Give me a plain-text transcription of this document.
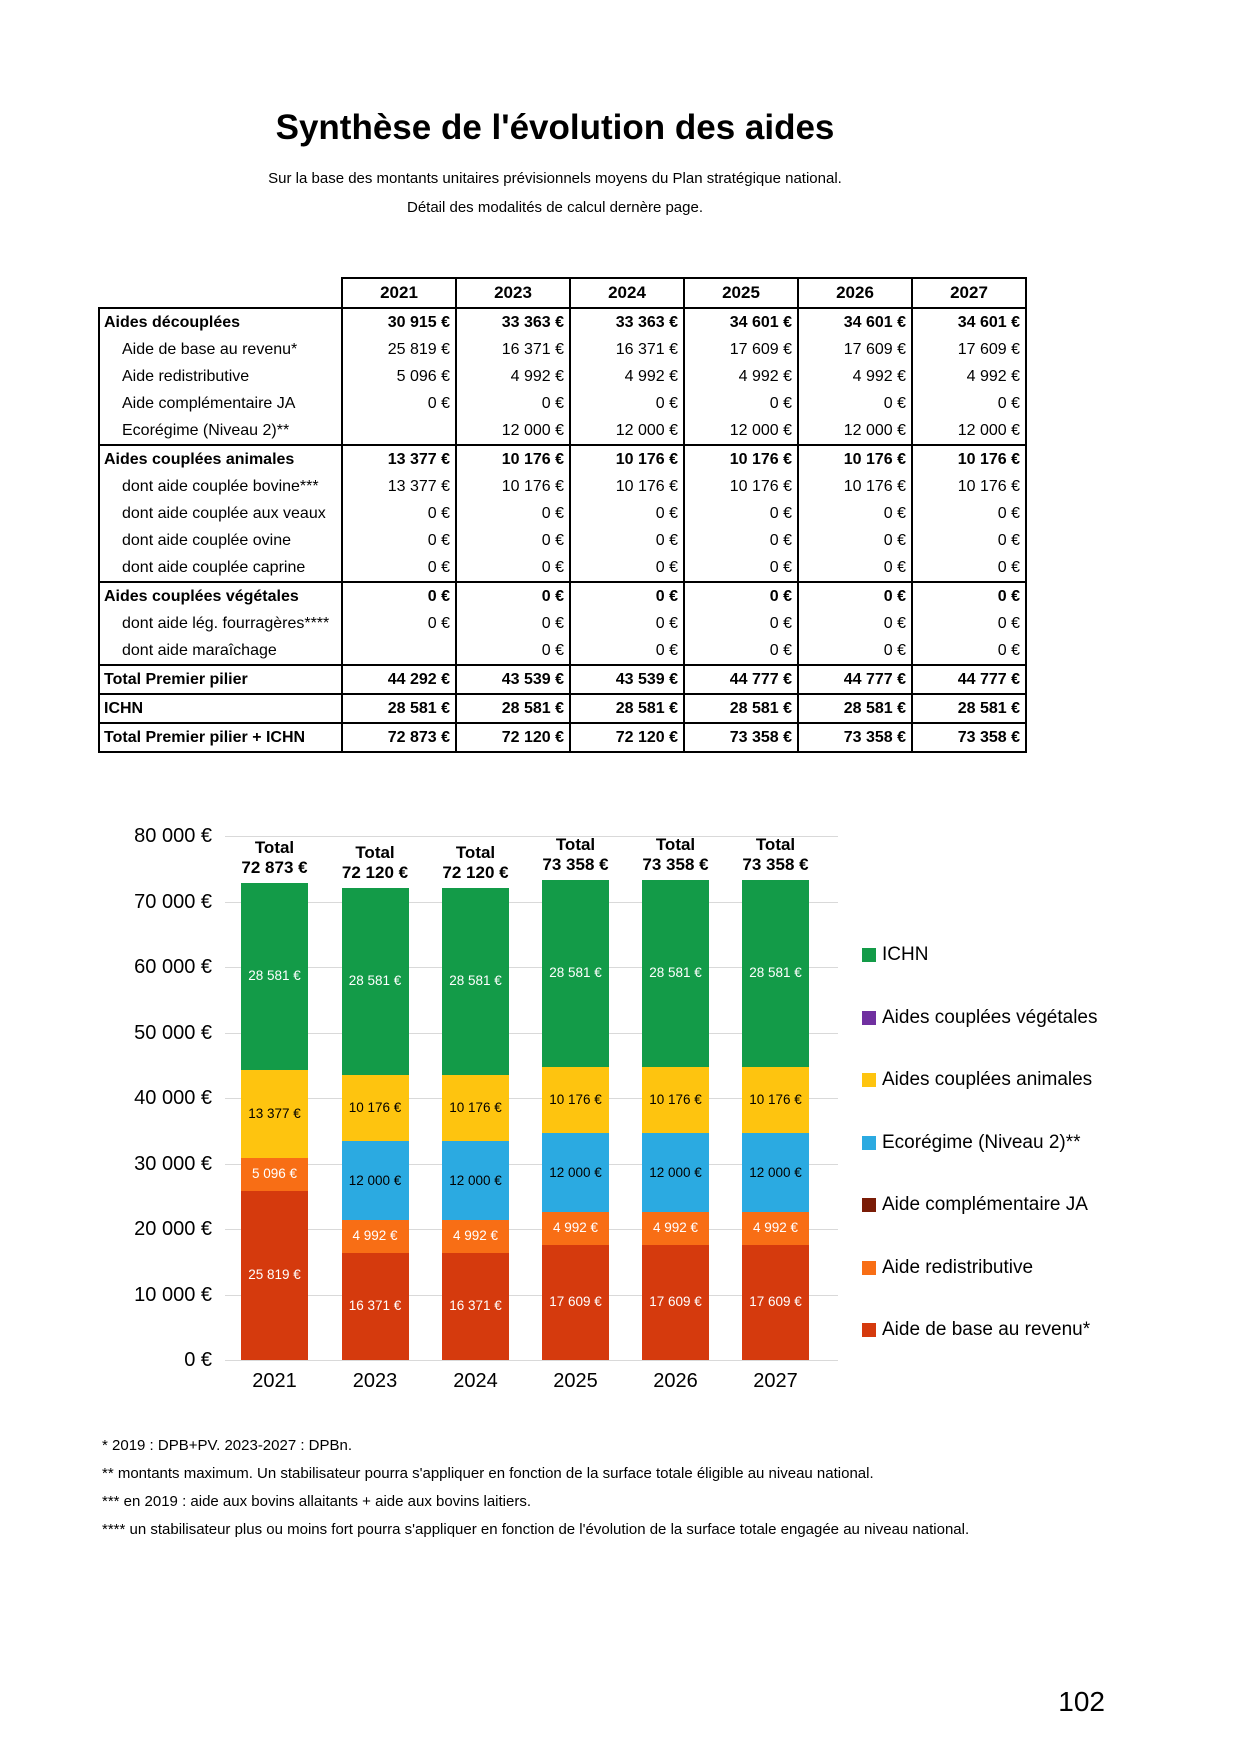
Synthèse de l'évolution des aides
Sur la base des montants unitaires prévisionnels moyens du Plan stratégique national.
Détail des modalités de calcul dernère page.
	2021	2023	2024	2025	2026	2027
Aides découplées	30 915 €	33 363 €	33 363 €	34 601 €	34 601 €	34 601 €
Aide de base au revenu*	25 819 €	16 371 €	16 371 €	17 609 €	17 609 €	17 609 €
Aide redistributive	5 096 €	4 992 €	4 992 €	4 992 €	4 992 €	4 992 €
Aide complémentaire JA	0 €	0 €	0 €	0 €	0 €	0 €
Ecorégime (Niveau 2)**		12 000 €	12 000 €	12 000 €	12 000 €	12 000 €
Aides couplées animales	13 377 €	10 176 €	10 176 €	10 176 €	10 176 €	10 176 €
dont aide couplée bovine***	13 377 €	10 176 €	10 176 €	10 176 €	10 176 €	10 176 €
dont aide couplée aux veaux	0 €	0 €	0 €	0 €	0 €	0 €
dont aide couplée ovine	0 €	0 €	0 €	0 €	0 €	0 €
dont aide couplée caprine	0 €	0 €	0 €	0 €	0 €	0 €
Aides couplées végétales	0 €	0 €	0 €	0 €	0 €	0 €
dont aide lég. fourragères****	0 €	0 €	0 €	0 €	0 €	0 €
dont aide maraîchage		0 €	0 €	0 €	0 €	0 €
Total Premier pilier	44 292 €	43 539 €	43 539 €	44 777 €	44 777 €	44 777 €
ICHN	28 581 €	28 581 €	28 581 €	28 581 €	28 581 €	28 581 €
Total Premier pilier + ICHN	72 873 €	72 120 €	72 120 €	73 358 €	73 358 €	73 358 €
80 000 €
70 000 €
60 000 €
50 000 €
40 000 €
30 000 €
20 000 €
10 000 €
0 €
25 819 €
5 096 €
13 377 €
28 581 €
Total
72 873 €
16 371 €
4 992 €
12 000 €
10 176 €
28 581 €
Total
72 120 €
16 371 €
4 992 €
12 000 €
10 176 €
28 581 €
Total
72 120 €
17 609 €
4 992 €
12 000 €
10 176 €
28 581 €
Total
73 358 €
17 609 €
4 992 €
12 000 €
10 176 €
28 581 €
Total
73 358 €
17 609 €
4 992 €
12 000 €
10 176 €
28 581 €
Total
73 358 €
2021	2023	2024	2025	2026	2027
ICHN
Aides couplées végétales
Aides couplées animales
Ecorégime (Niveau 2)**
Aide complémentaire JA
Aide redistributive
Aide de base au revenu*
* 2019 : DPB+PV. 2023-2027 : DPBn.
** montants maximum. Un stabilisateur pourra s'appliquer en fonction de la surface totale éligible au niveau national.
*** en 2019 : aide aux bovins allaitants + aide aux bovins laitiers.
**** un stabilisateur plus ou moins fort pourra s'appliquer en fonction de l'évolution de la surface totale engagée au niveau national.
102
